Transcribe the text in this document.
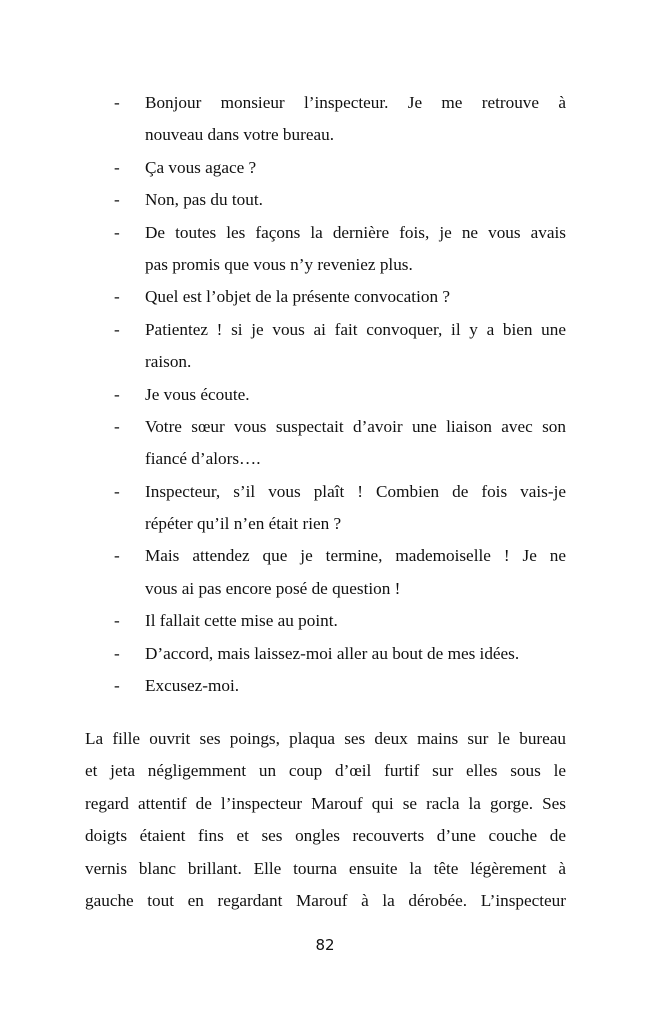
- Bonjour monsieur l’inspecteur. Je me retrouve à
nouveau dans votre bureau.
- Ça vous agace ?
- Non, pas du tout.
- De toutes les façons la dernière fois, je ne vous avais
pas promis que vous n’y reveniez plus.
- Quel est l’objet de la présente convocation ?
- Patientez ! si je vous ai fait convoquer, il y a bien une
raison.
- Je vous écoute.
- Votre sœur vous suspectait d’avoir une liaison avec son
fiancé d’alors….
- Inspecteur, s’il vous plaît ! Combien de fois vais-je
répéter qu’il n’en était rien ?
- Mais attendez que je termine, mademoiselle ! Je ne
vous ai pas encore posé de question !
- Il fallait cette mise au point.
- D’accord, mais laissez-moi aller au bout de mes idées.
- Excusez-moi.
La fille ouvrit ses poings, plaqua ses deux mains sur le bureau
et jeta négligemment un coup d’œil furtif sur elles sous le
regard attentif de l’inspecteur Marouf qui se racla la gorge. Ses
doigts étaient fins et ses ongles recouverts d’une couche de
vernis blanc brillant. Elle tourna ensuite la tête légèrement à
gauche tout en regardant Marouf à la dérobée. L’inspecteur
82
